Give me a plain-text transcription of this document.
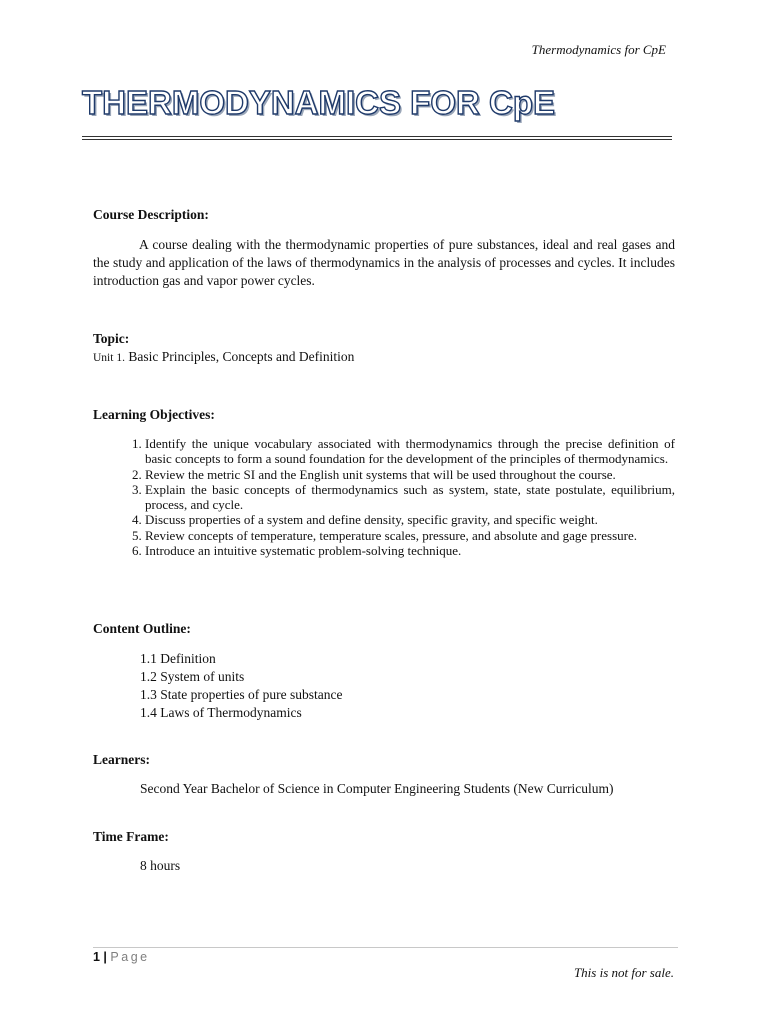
Thermodynamics for CpE
THERMODYNAMICS FOR CpE
Course Description:
A course dealing with the thermodynamic properties of pure substances, ideal and real gases and the study and application of the laws of thermodynamics in the analysis of processes and cycles. It includes introduction gas and vapor power cycles.
Topic:
Unit 1. Basic Principles, Concepts and Definition
Learning Objectives:
1. Identify the unique vocabulary associated with thermodynamics through the precise definition of basic concepts to form a sound foundation for the development of the principles of thermodynamics.
2. Review the metric SI and the English unit systems that will be used throughout the course.
3. Explain the basic concepts of thermodynamics such as system, state, state postulate, equilibrium, process, and cycle.
4. Discuss properties of a system and define density, specific gravity, and specific weight.
5. Review concepts of temperature, temperature scales, pressure, and absolute and gage pressure.
6. Introduce an intuitive systematic problem-solving technique.
Content Outline:
1.1 Definition
1.2 System of units
1.3 State properties of pure substance
1.4 Laws of Thermodynamics
Learners:
Second Year Bachelor of Science in Computer Engineering Students (New Curriculum)
Time Frame:
8 hours
1 | Page
This is not for sale.
